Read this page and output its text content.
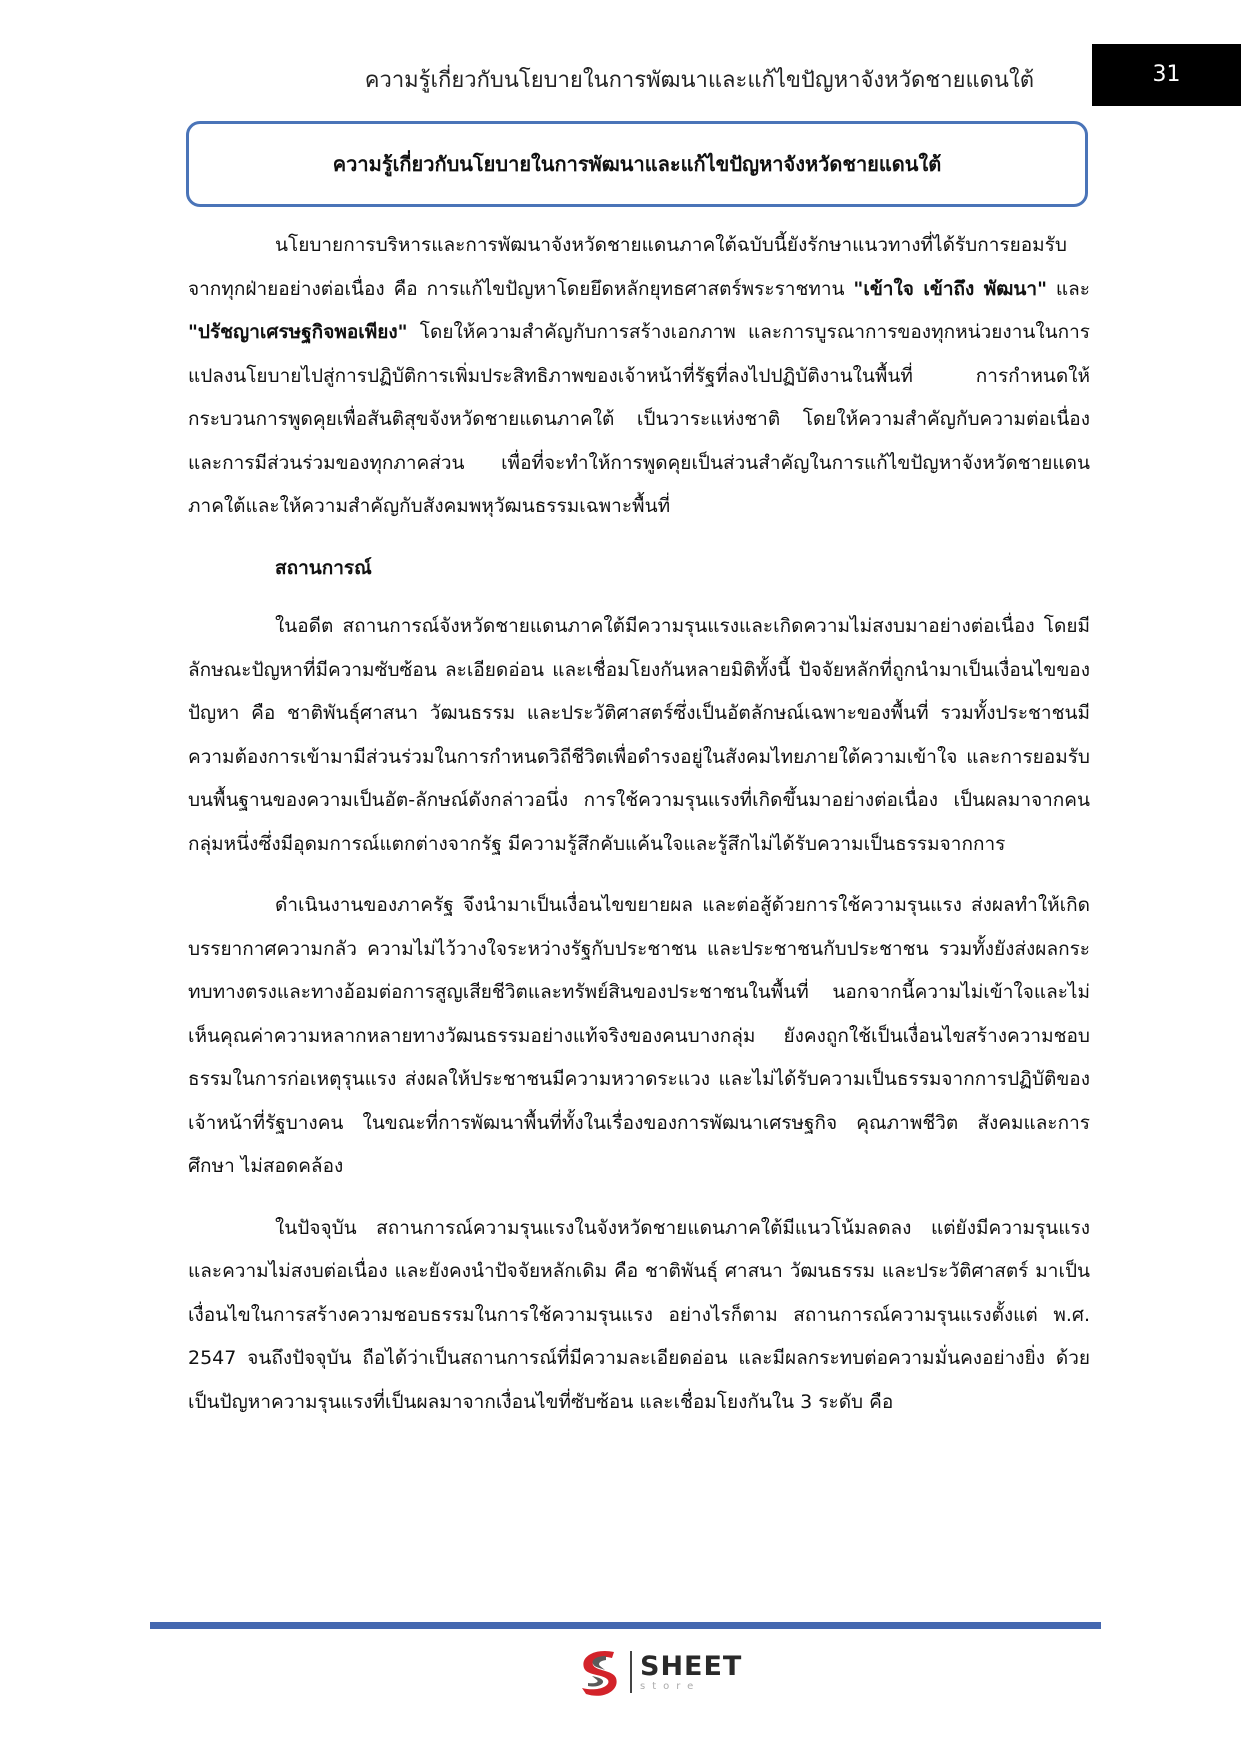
ความรู้เกี่ยวกับนโยบายในการพัฒนาและแก้ไขปัญหาจังหวัดชายแดนใต้	31
ความรู้เกี่ยวกับนโยบายในการพัฒนาและแก้ไขปัญหาจังหวัดชายแดนใต้

นโยบายการบริหารและการพัฒนาจังหวัดชายแดนภาคใต้ฉบับนี้ยังรักษาแนวทางที่ได้รับการยอมรับจากทุกฝ่ายอย่างต่อเนื่อง คือ การแก้ไขปัญหาโดยยึดหลักยุทธศาสตร์พระราชทาน "เข้าใจ เข้าถึง พัฒนา" และ "ปรัชญาเศรษฐกิจพอเพียง" โดยให้ความสำคัญกับการสร้างเอกภาพ และการบูรณาการของทุกหน่วยงานในการแปลงนโยบายไปสู่การปฏิบัติการเพิ่มประสิทธิภาพของเจ้าหน้าที่รัฐที่ลงไปปฏิบัติงานในพื้นที่ การกำหนดให้กระบวนการพูดคุยเพื่อสันติสุขจังหวัดชายแดนภาคใต้ เป็นวาระแห่งชาติ โดยให้ความสำคัญกับความต่อเนื่อง และการมีส่วนร่วมของทุกภาคส่วน เพื่อที่จะทำให้การพูดคุยเป็นส่วนสำคัญในการแก้ไขปัญหาจังหวัดชายแดนภาคใต้และให้ความสำคัญกับสังคมพหุวัฒนธรรมเฉพาะพื้นที่

สถานการณ์

ในอดีต สถานการณ์จังหวัดชายแดนภาคใต้มีความรุนแรงและเกิดความไม่สงบมาอย่างต่อเนื่อง โดยมีลักษณะปัญหาที่มีความซับซ้อน ละเอียดอ่อน และเชื่อมโยงกันหลายมิติทั้งนี้ ปัจจัยหลักที่ถูกนำมาเป็นเงื่อนไขของปัญหา คือ ชาติพันธุ์ศาสนา วัฒนธรรม และประวัติศาสตร์ซึ่งเป็นอัตลักษณ์เฉพาะของพื้นที่ รวมทั้งประชาชนมีความต้องการเข้ามามีส่วนร่วมในการกำหนดวิถีชีวิตเพื่อดำรงอยู่ในสังคมไทยภายใต้ความเข้าใจ และการยอมรับบนพื้นฐานของความเป็นอัต-ลักษณ์ดังกล่าวอนึ่ง การใช้ความรุนแรงที่เกิดขึ้นมาอย่างต่อเนื่อง เป็นผลมาจากคนกลุ่มหนึ่งซึ่งมีอุดมการณ์แตกต่างจากรัฐ มีความรู้สึกคับแค้นใจและรู้สึกไม่ได้รับความเป็นธรรมจากการ

ดำเนินงานของภาครัฐ จึงนำมาเป็นเงื่อนไขขยายผล และต่อสู้ด้วยการใช้ความรุนแรง ส่งผลทำให้เกิดบรรยากาศความกลัว ความไม่ไว้วางใจระหว่างรัฐกับประชาชน และประชาชนกับประชาชน รวมทั้งยังส่งผลกระทบทางตรงและทางอ้อมต่อการสูญเสียชีวิตและทรัพย์สินของประชาชนในพื้นที่ นอกจากนี้ความไม่เข้าใจและไม่เห็นคุณค่าความหลากหลายทางวัฒนธรรมอย่างแท้จริงของคนบางกลุ่ม ยังคงถูกใช้เป็นเงื่อนไขสร้างความชอบธรรมในการก่อเหตุรุนแรง ส่งผลให้ประชาชนมีความหวาดระแวง และไม่ได้รับความเป็นธรรมจากการปฏิบัติของเจ้าหน้าที่รัฐบางคน ในขณะที่การพัฒนาพื้นที่ทั้งในเรื่องของการพัฒนาเศรษฐกิจ คุณภาพชีวิต สังคมและการศึกษา ไม่สอดคล้อง

ในปัจจุบัน สถานการณ์ความรุนแรงในจังหวัดชายแดนภาคใต้มีแนวโน้มลดลง แต่ยังมีความรุนแรงและความไม่สงบต่อเนื่อง และยังคงนำปัจจัยหลักเดิม คือ ชาติพันธุ์ ศาสนา วัฒนธรรม และประวัติศาสตร์ มาเป็นเงื่อนไขในการสร้างความชอบธรรมในการใช้ความรุนแรง อย่างไรก็ตาม สถานการณ์ความรุนแรงตั้งแต่ พ.ศ. 2547 จนถึงปัจจุบัน ถือได้ว่าเป็นสถานการณ์ที่มีความละเอียดอ่อน และมีผลกระทบต่อความมั่นคงอย่างยิ่ง ด้วยเป็นปัญหาความรุนแรงที่เป็นผลมาจากเงื่อนไขที่ซับซ้อน และเชื่อมโยงกันใน 3 ระดับ คือ

SHEET
store
